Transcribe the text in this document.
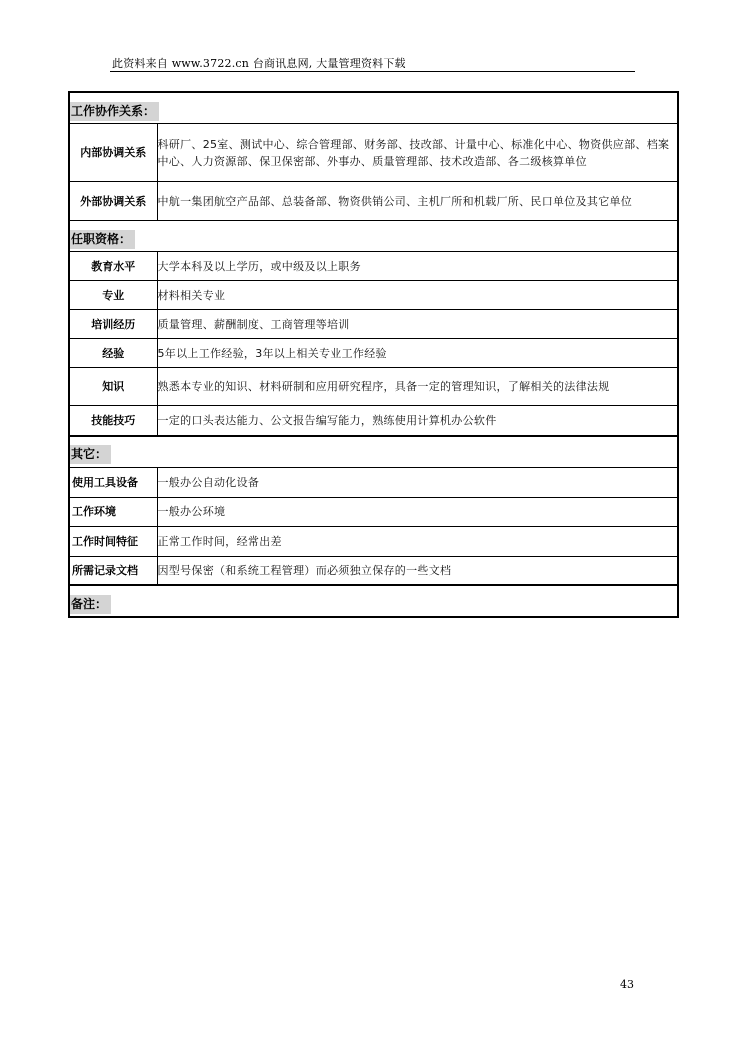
此资料来自 www.3722.cn 台商讯息网, 大量管理资料下载
工作协作关系：	
内部协调关系	科研厂、25室、测试中心、综合管理部、财务部、技改部、计量中心、标准化中心、物资供应部、档案中心、人力资源部、保卫保密部、外事办、质量管理部、技术改造部、各二级核算单位
外部协调关系	中航一集团航空产品部、总装备部、物资供销公司、主机厂所和机载厂所、民口单位及其它单位
任职资格：	
教育水平	大学本科及以上学历，或中级及以上职务
专业	材料相关专业
培训经历	质量管理、薪酬制度、工商管理等培训
经验	5年以上工作经验，3年以上相关专业工作经验
知识	熟悉本专业的知识、材料研制和应用研究程序，具备一定的管理知识，了解相关的法律法规
技能技巧	一定的口头表达能力、公文报告编写能力，熟练使用计算机办公软件
其它：	
使用工具设备	一般办公自动化设备
工作环境	一般办公环境
工作时间特征	正常工作时间，经常出差
所需记录文档	因型号保密（和系统工程管理）而必须独立保存的一些文档
备注：	
43
